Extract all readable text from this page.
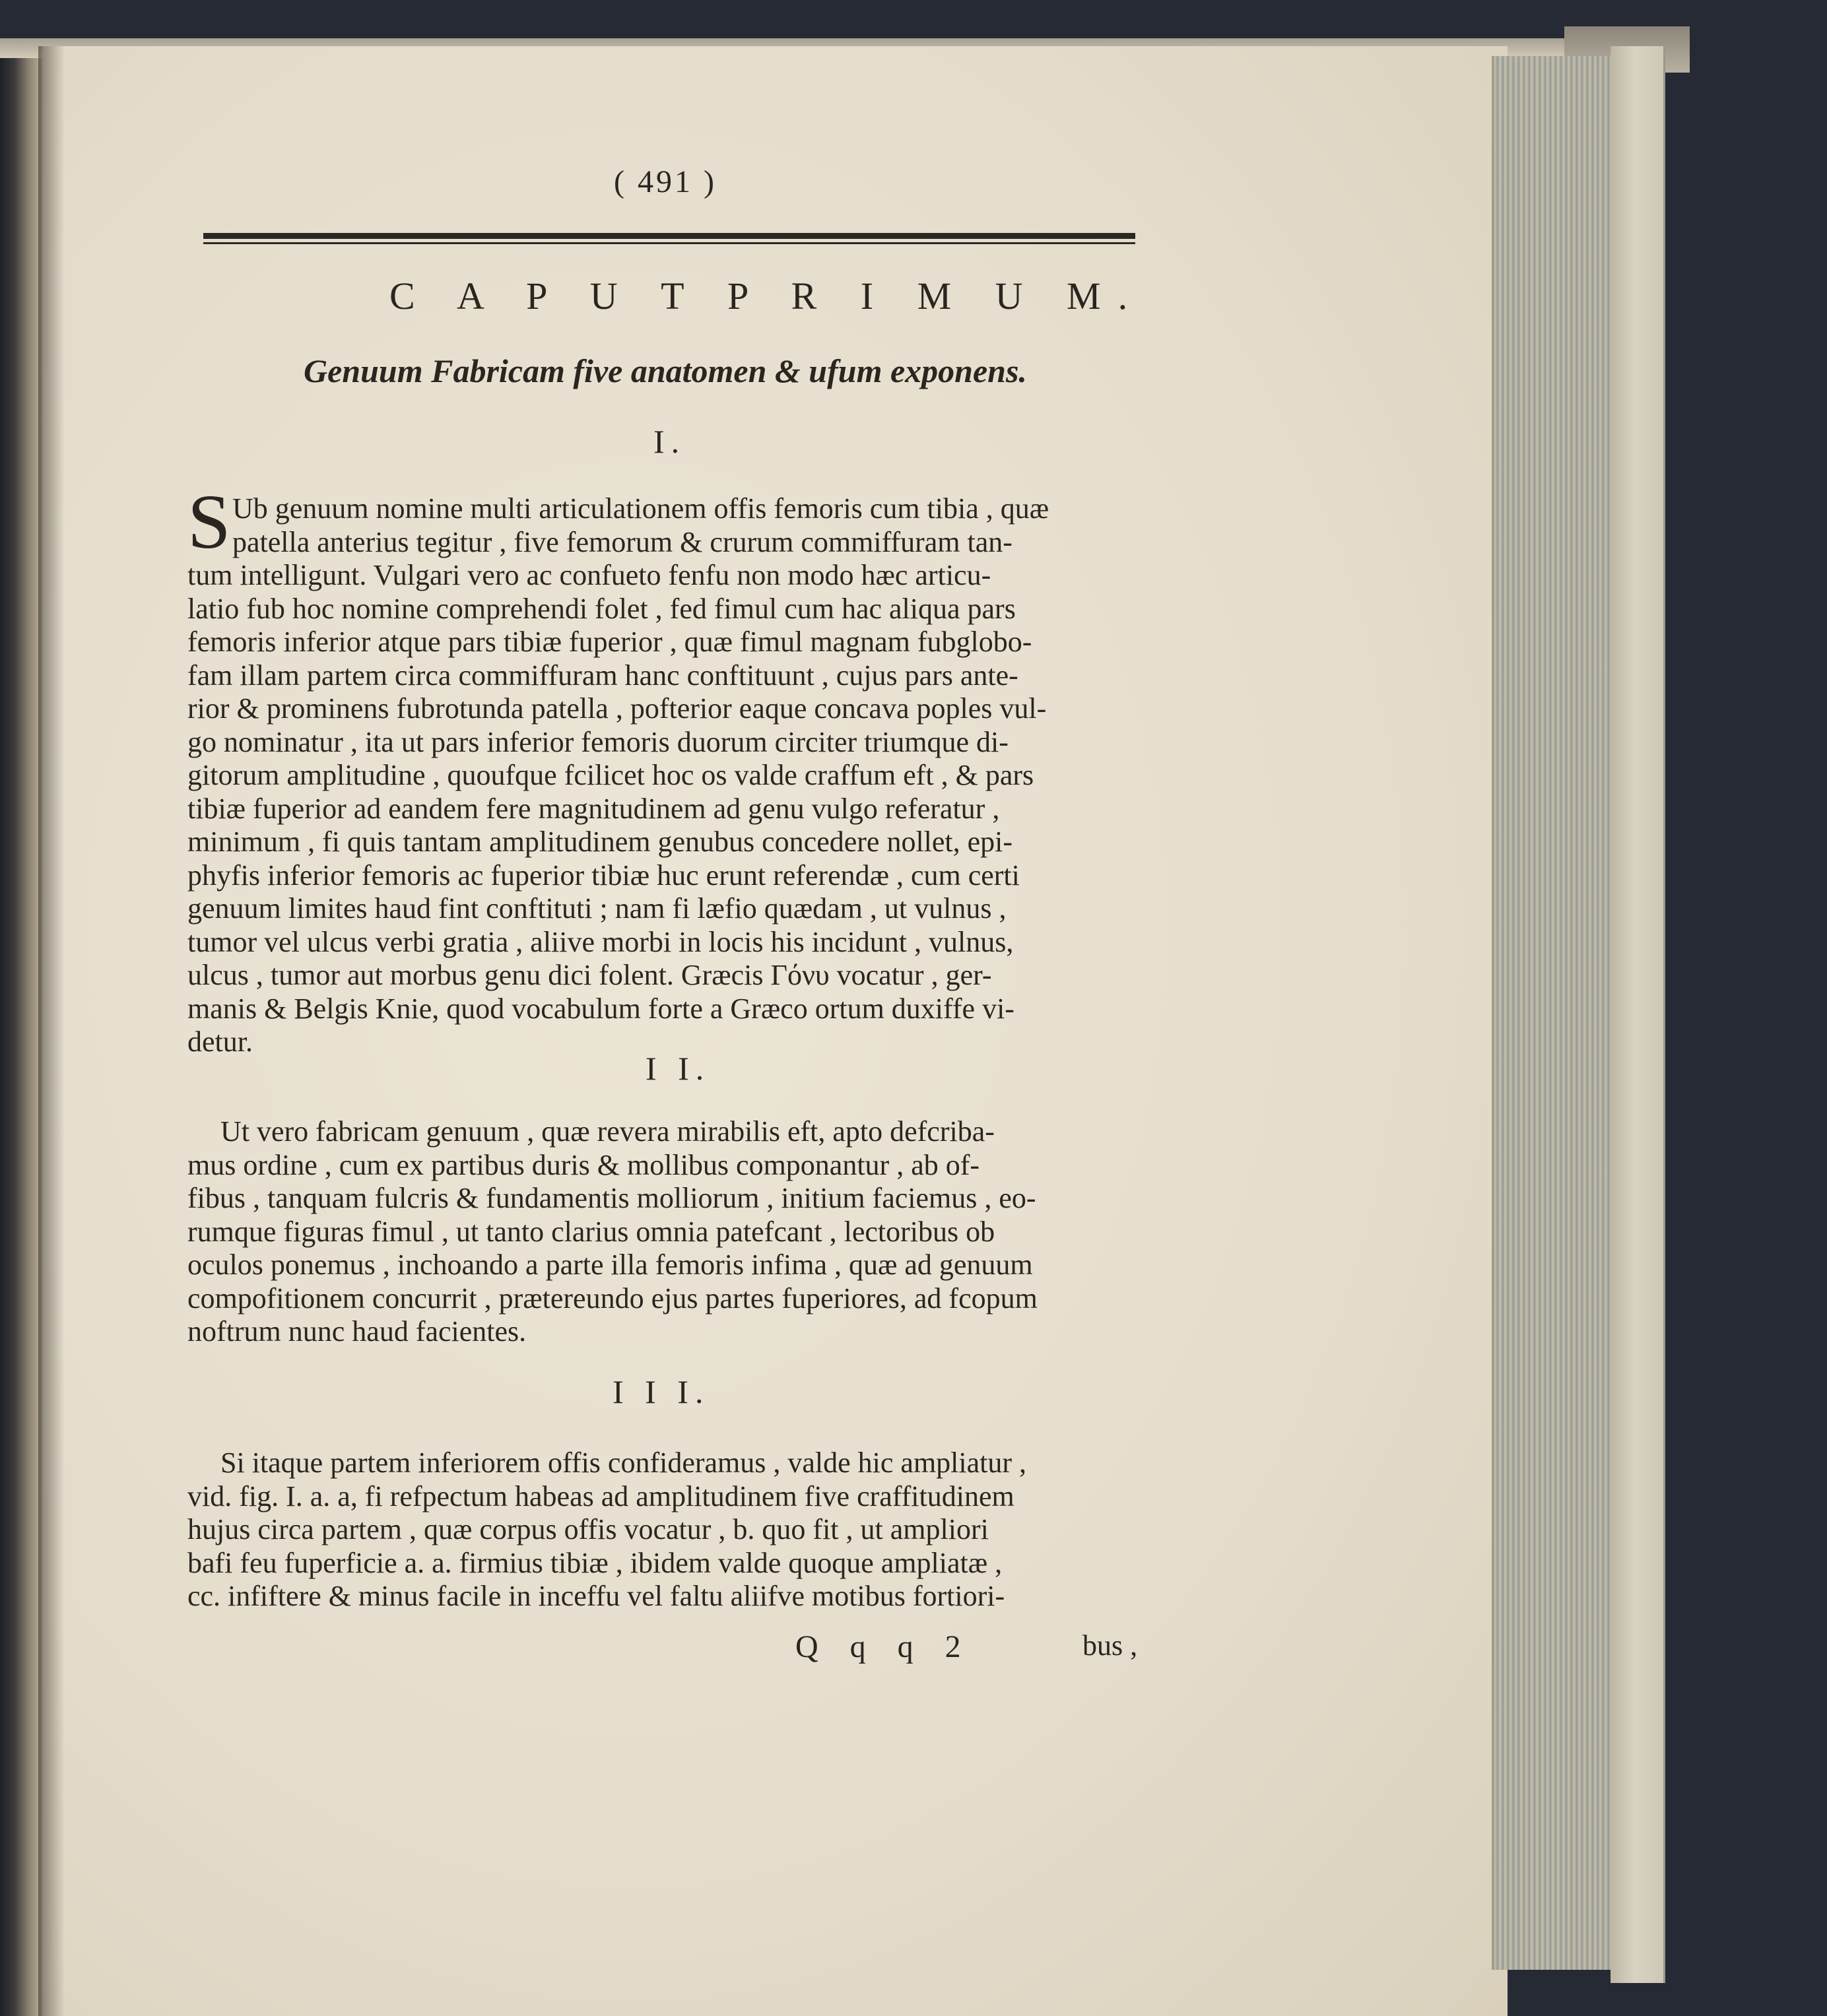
( 491 )
C A P U T P R I M U M.
Genuum Fabricam five anatomen & ufum exponens.
I.
S Ub genuum nomine multi articulationem offis femoris cum tibia , quæ
patella anterius tegitur , five femorum & crurum commiffuram tan-
tum intelligunt. Vulgari vero ac confueto fenfu non modo hæc articu-
latio fub hoc nomine comprehendi folet , fed fimul cum hac aliqua pars
femoris inferior atque pars tibiæ fuperior , quæ fimul magnam fubglobo-
fam illam partem circa commiffuram hanc conftituunt , cujus pars ante-
rior & prominens fubrotunda patella , pofterior eaque concava poples vul-
go nominatur , ita ut pars inferior femoris duorum circiter triumque di-
gitorum amplitudine , quoufque fcilicet hoc os valde craffum eft , & pars
tibiæ fuperior ad eandem fere magnitudinem ad genu vulgo referatur ,
minimum , fi quis tantam amplitudinem genubus concedere nollet, epi-
phyfis inferior femoris ac fuperior tibiæ huc erunt referendæ , cum certi
genuum limites haud fint conftituti ; nam fi læfio quædam , ut vulnus ,
tumor vel ulcus verbi gratia , aliive morbi in locis his incidunt , vulnus,
ulcus , tumor aut morbus genu dici folent. Græcis Γόνυ vocatur , ger-
manis & Belgis Knie, quod vocabulum forte a Græco ortum duxiffe vi-
detur.
I I.
Ut vero fabricam genuum , quæ revera mirabilis eft, apto defcriba-
mus ordine , cum ex partibus duris & mollibus componantur , ab of-
fibus , tanquam fulcris & fundamentis molliorum , initium faciemus , eo-
rumque figuras fimul , ut tanto clarius omnia patefcant , lectoribus ob
oculos ponemus , inchoando a parte illa femoris infima , quæ ad genuum
compofitionem concurrit , prætereundo ejus partes fuperiores, ad fcopum
noftrum nunc haud facientes.
I I I.
Si itaque partem inferiorem offis confideramus , valde hic ampliatur ,
vid. fig. I. a. a, fi refpectum habeas ad amplitudinem five craffitudinem
hujus circa partem , quæ corpus offis vocatur , b. quo fit , ut ampliori
bafi feu fuperficie a. a. firmius tibiæ , ibidem valde quoque ampliatæ ,
cc. infiftere & minus facile in inceffu vel faltu aliifve motibus fortiori-
Q q q 2	bus ,
